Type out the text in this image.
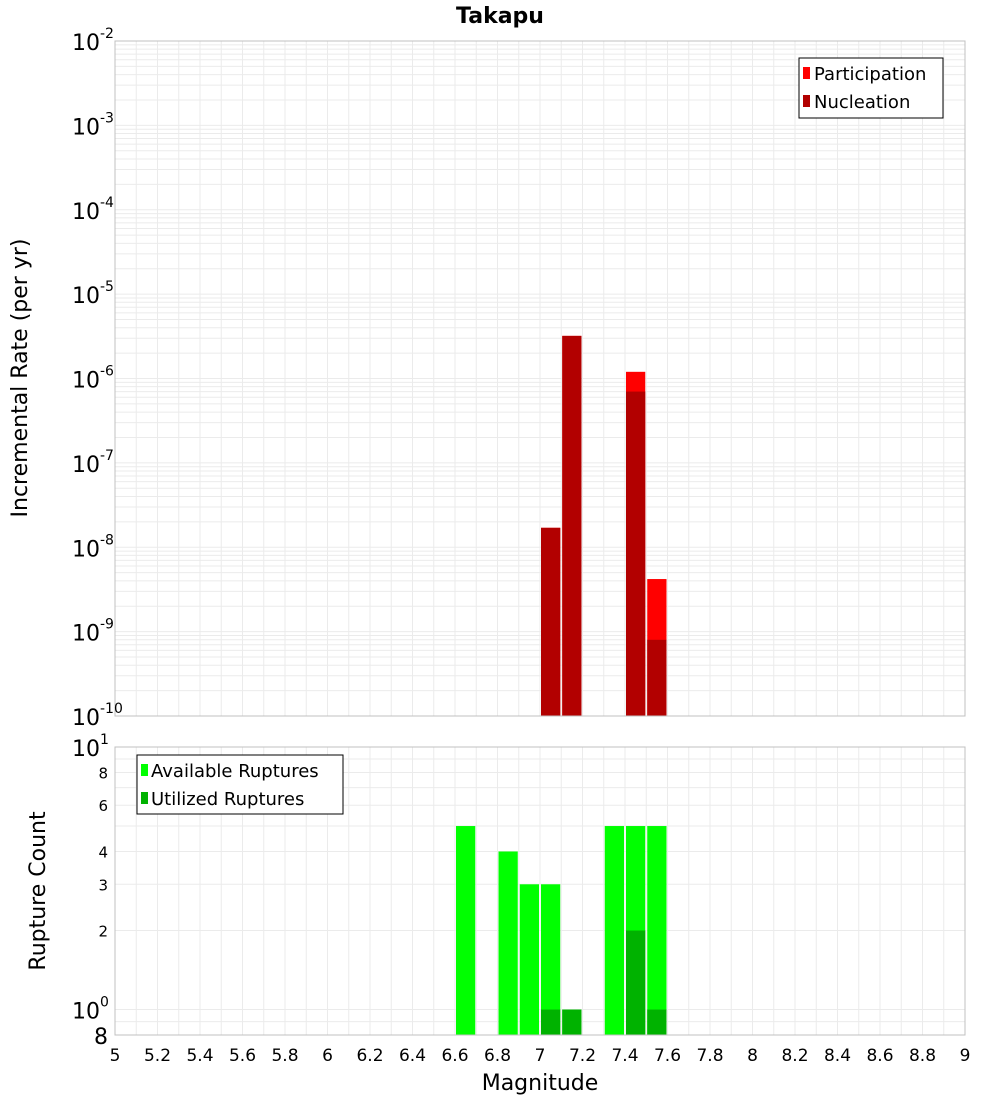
Takapu
$10^{-2}$
$10^{-3}$
$10^{-4}$
$10^{-5}$
$10^{-6}$
$10^{-7}$
$10^{-8}$
$10^{-9}$
$10^{-10}$
Incremental Rate (per yr)
Participation
Nucleation
$10^0$
$10^1$
2
3
4
6
8
8
Rupture Count
Available Ruptures
Utilized Ruptures
5 5.2 5.4 5.6 5.8 6 6.2 6.4 6.6 6.8 7 7.2 7.4 7.6 7.8 8 8.2 8.4 8.6 8.8 9
Magnitude
